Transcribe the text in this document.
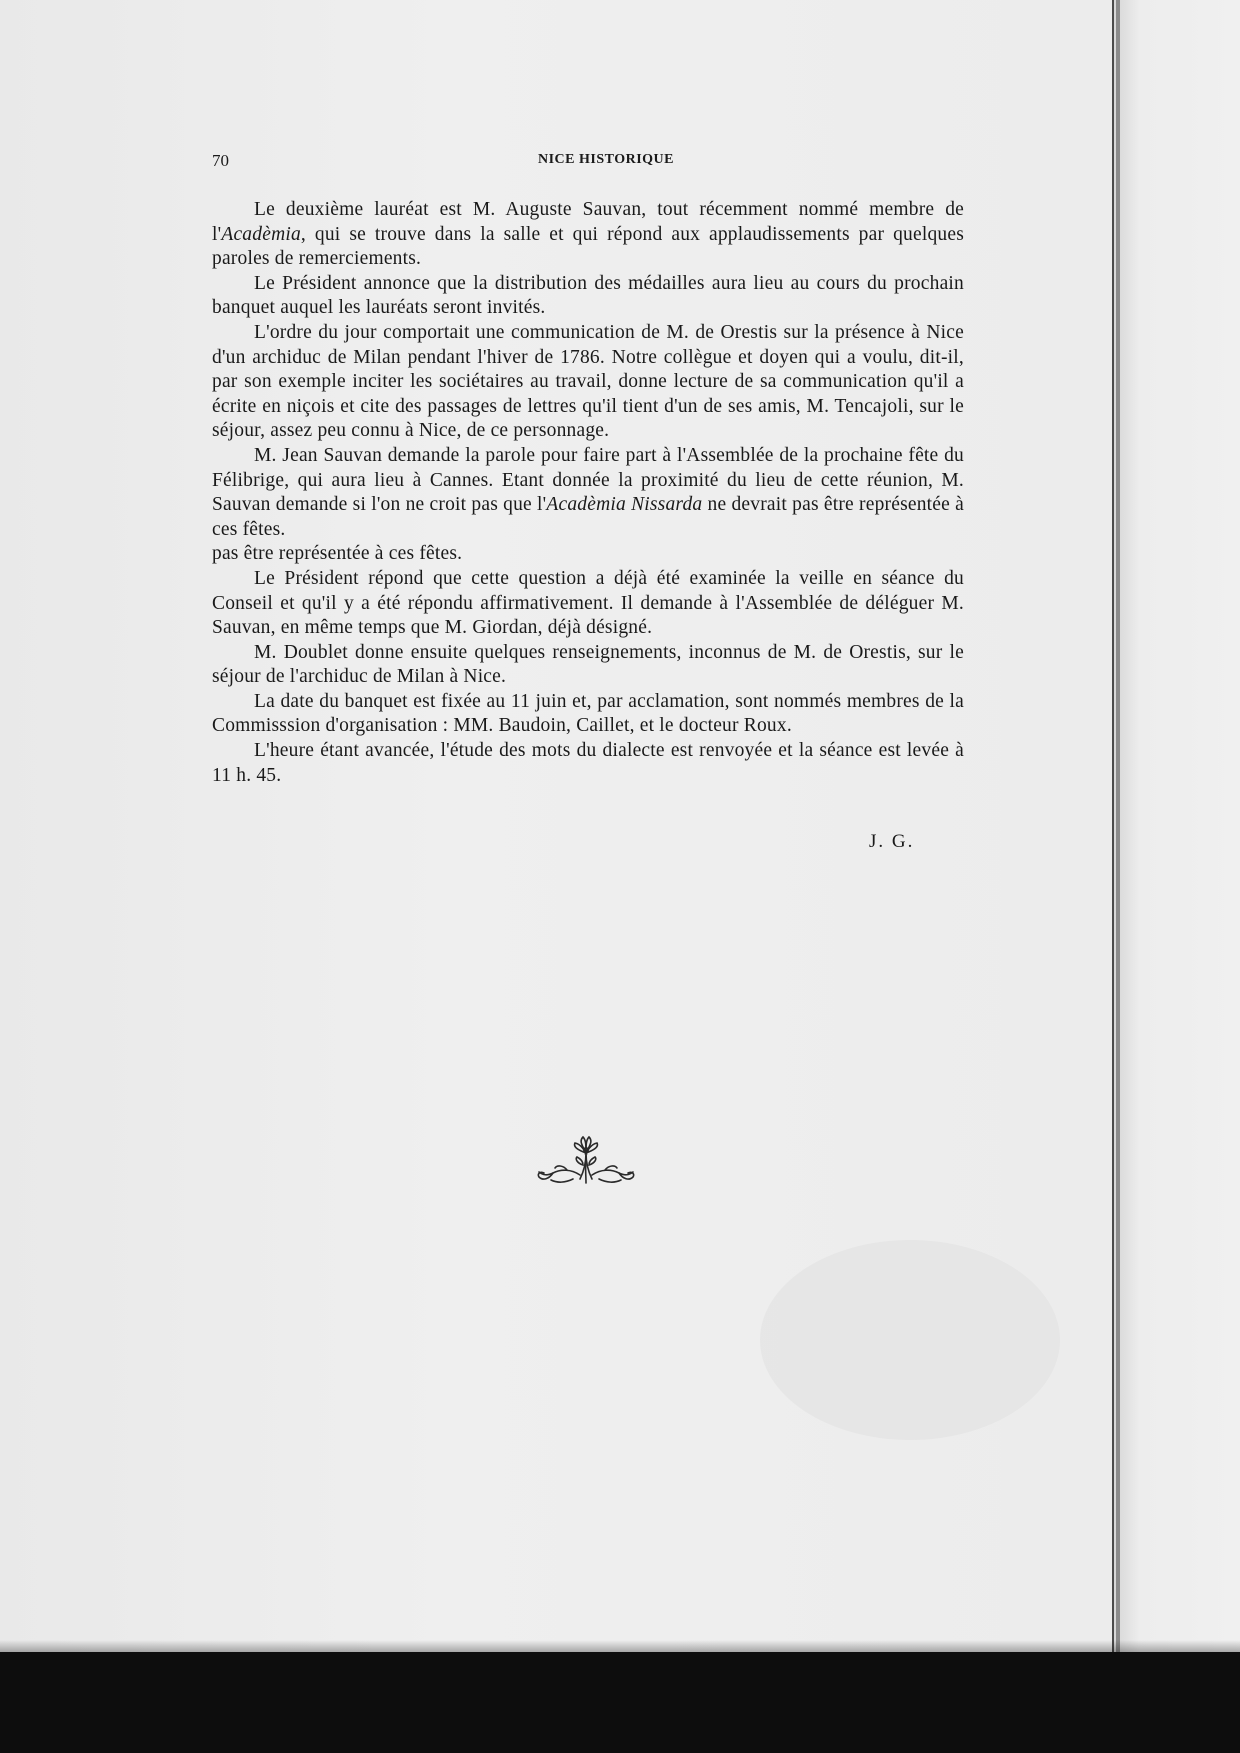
70	NICE HISTORIQUE

Le deuxième lauréat est M. Auguste Sauvan, tout récemment nommé membre de l'Acadèmia, qui se trouve dans la salle et qui répond aux applaudissements par quelques paroles de remerciements.

Le Président annonce que la distribution des médailles aura lieu au cours du prochain banquet auquel les lauréats seront invités.

L'ordre du jour comportait une communication de M. de Orestis sur la présence à Nice d'un archiduc de Milan pendant l'hiver de 1786. Notre collègue et doyen qui a voulu, dit-il, par son exemple inciter les sociétaires au travail, donne lecture de sa communication qu'il a écrite en niçois et cite des passages de lettres qu'il tient d'un de ses amis, M. Tencajoli, sur le séjour, assez peu connu à Nice, de ce personnage.

M. Jean Sauvan demande la parole pour faire part à l'Assemblée de la prochaine fête du Félibrige, qui aura lieu à Cannes. Etant donnée la proximité du lieu de cette réunion, M. Sauvan demande si l'on ne croit pas que l'Acadèmia Nissarda ne devrait pas être représentée à ces fêtes.

pas être représentée à ces fêtes.

Le Président répond que cette question a déjà été examinée la veille en séance du Conseil et qu'il y a été répondu affirmativement. Il demande à l'Assemblée de déléguer M. Sauvan, en même temps que M. Giordan, déjà désigné.

M. Doublet donne ensuite quelques renseignements, inconnus de M. de Orestis, sur le séjour de l'archiduc de Milan à Nice.

La date du banquet est fixée au 11 juin et, par acclamation, sont nommés membres de la Commisssion d'organisation : MM. Baudoin, Caillet, et le docteur Roux.

L'heure étant avancée, l'étude des mots du dialecte est renvoyée et la séance est levée à 11 h. 45.

J. G.
